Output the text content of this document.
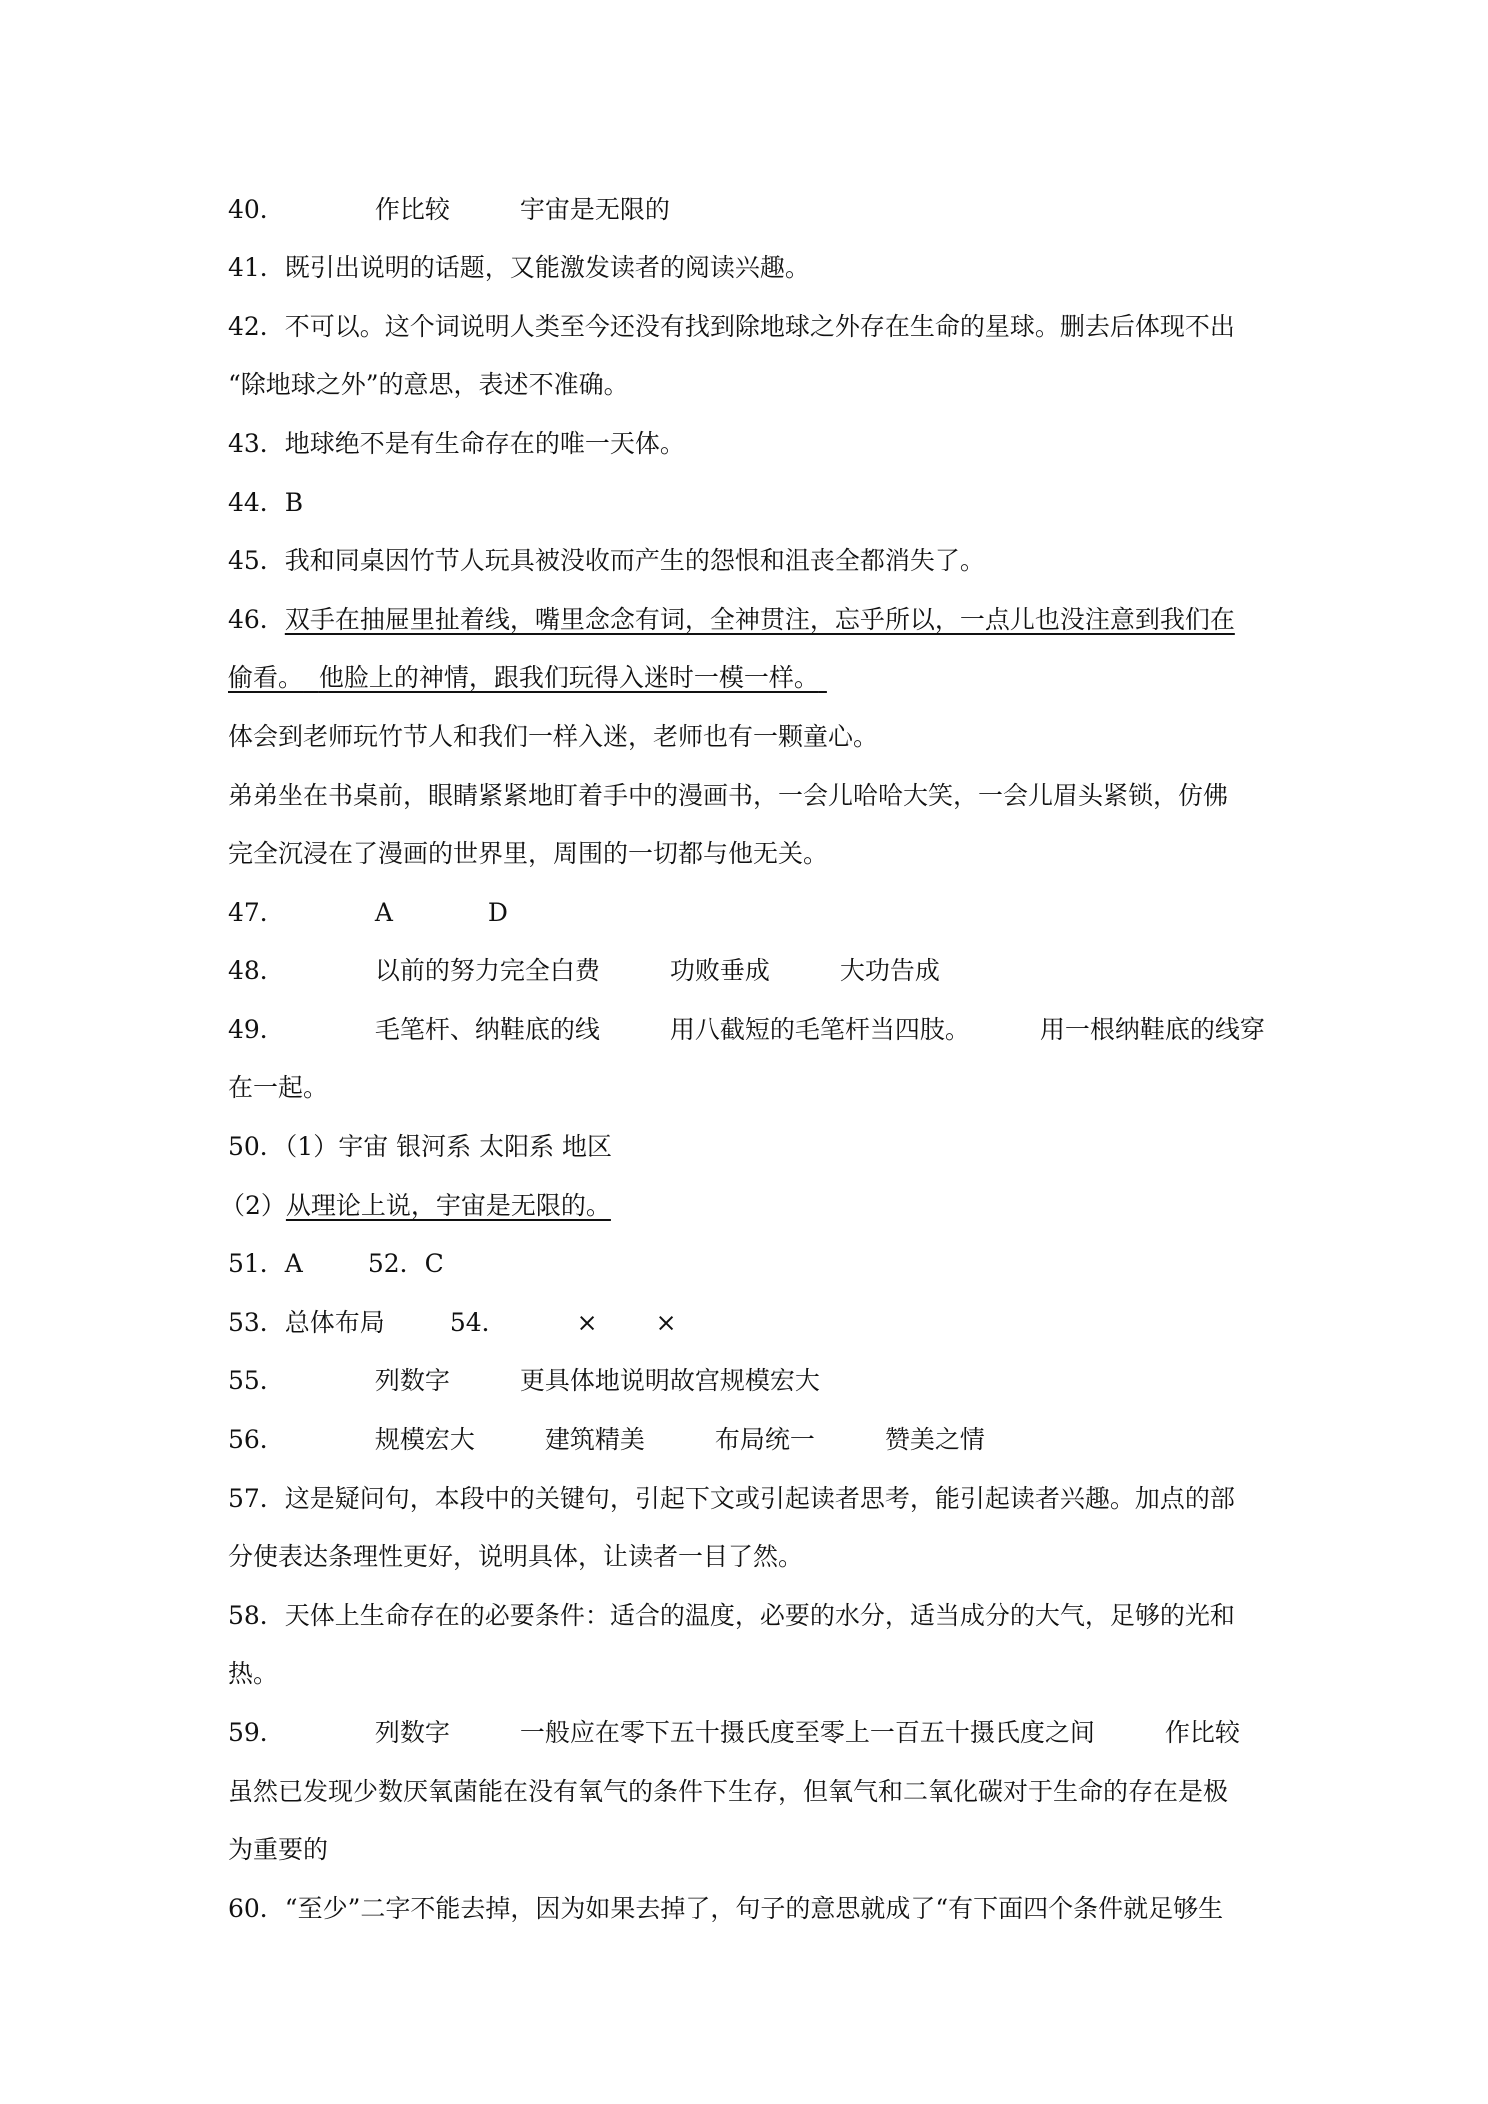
40．	作比较	宇宙是无限的
41．既引出说明的话题，又能激发读者的阅读兴趣。
42．不可以。这个词说明人类至今还没有找到除地球之外存在生命的星球。删去后体现不出
“除地球之外”的意思，表述不准确。
43．地球绝不是有生命存在的唯一天体。
44．B
45．我和同桌因竹节人玩具被没收而产生的怨恨和沮丧全都消失了。
46．双手在抽屉里扯着线，嘴里念念有词，全神贯注，忘乎所以，一点儿也没注意到我们在
偷看。 他脸上的神情，跟我们玩得入迷时一模一样。
体会到老师玩竹节人和我们一样入迷，老师也有一颗童心。
弟弟坐在书桌前，眼睛紧紧地盯着手中的漫画书，一会儿哈哈大笑，一会儿眉头紧锁，仿佛
完全沉浸在了漫画的世界里，周围的一切都与他无关。
47．	A	D
48．	以前的努力完全白费	功败垂成	大功告成
49．	毛笔杆、纳鞋底的线	用八截短的毛笔杆当四肢。	用一根纳鞋底的线穿
在一起。
50．（1）宇宙 银河系 太阳系 地区
（2）从理论上说，宇宙是无限的。
51．A	52．C
53．总体布局	54．	× ×
55．	列数字	更具体地说明故宫规模宏大
56．	规模宏大	建筑精美	布局统一	赞美之情
57．这是疑问句，本段中的关键句，引起下文或引起读者思考，能引起读者兴趣。加点的部
分使表达条理性更好，说明具体，让读者一目了然。
58．天体上生命存在的必要条件：适合的温度，必要的水分，适当成分的大气，足够的光和
热。
59．	列数字	一般应在零下五十摄氏度至零上一百五十摄氏度之间	作比较
虽然已发现少数厌氧菌能在没有氧气的条件下生存，但氧气和二氧化碳对于生命的存在是极
为重要的
60．“至少”二字不能去掉，因为如果去掉了，句子的意思就成了“有下面四个条件就足够生
